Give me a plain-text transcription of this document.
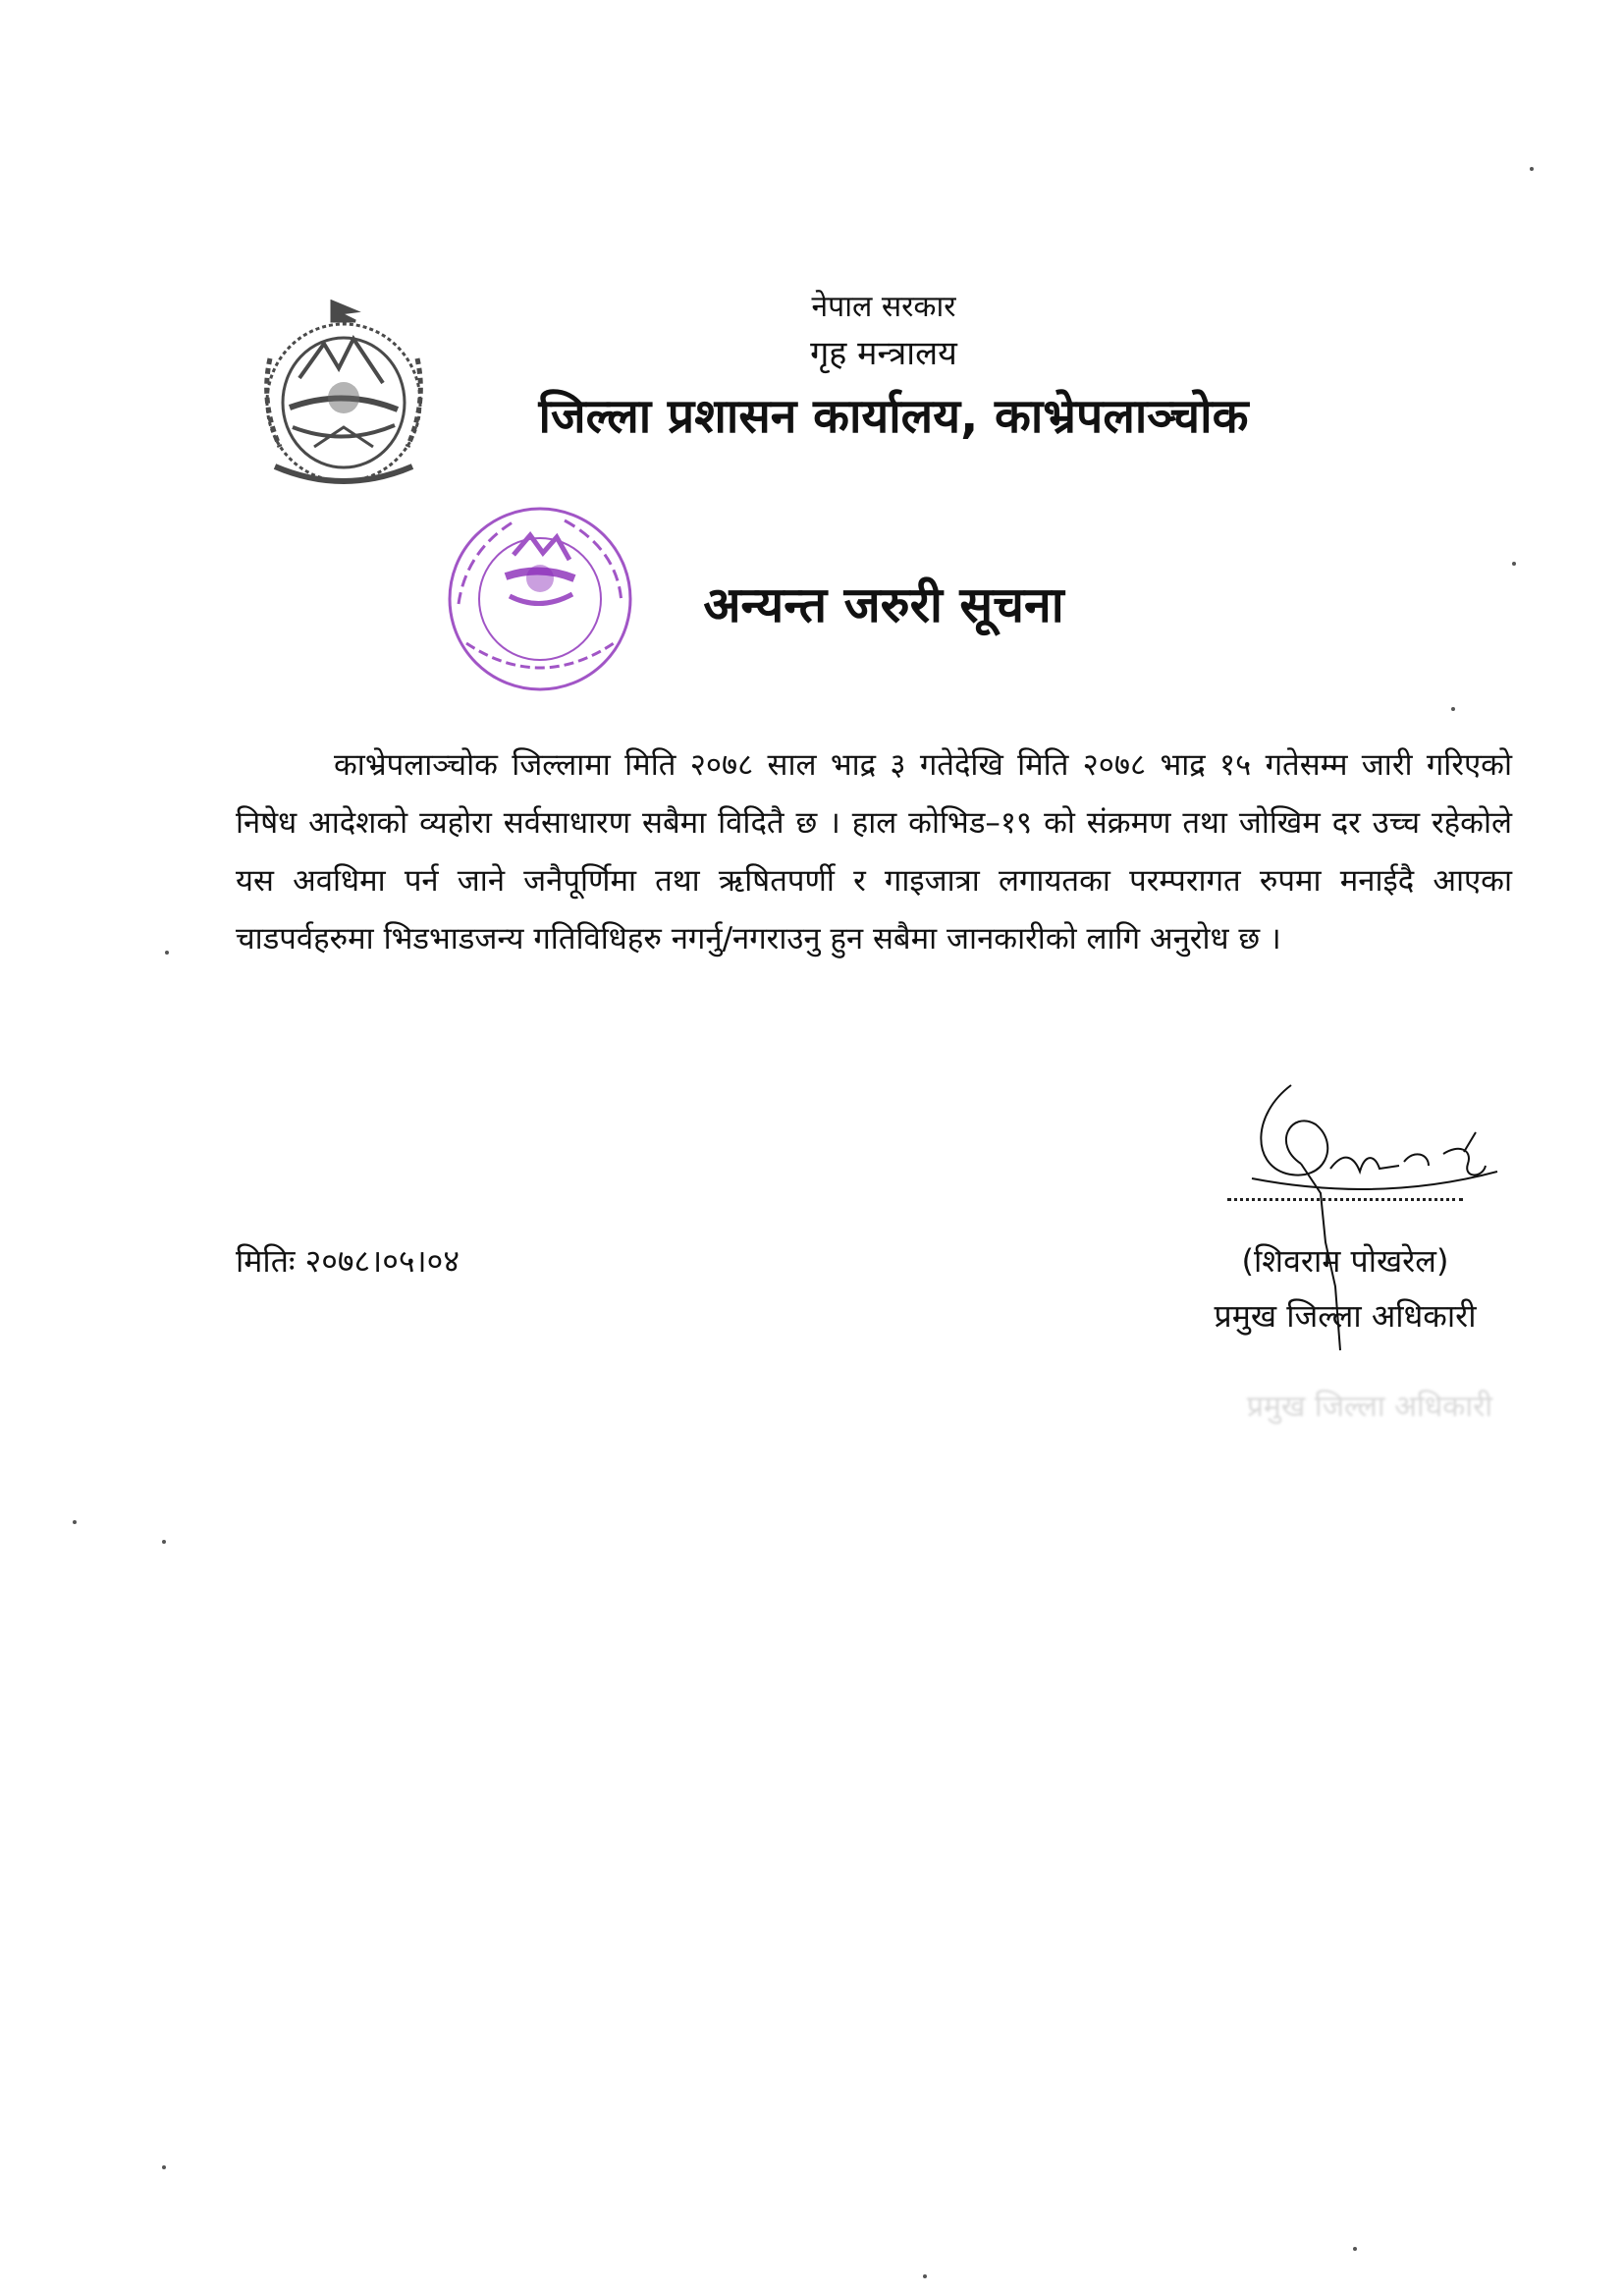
नेपाल सरकार
गृह मन्त्रालय
जिल्ला प्रशासन कार्यालय, काभ्रेपलाञ्चोक
अन्यन्त जरुरी सूचना
काभ्रेपलाञ्चोक जिल्लामा मिति २०७८ साल भाद्र ३ गतेदेखि मिति २०७८ भाद्र १५ गतेसम्म जारी गरिएको निषेध आदेशको व्यहोरा सर्वसाधारण सबैमा विदितै छ । हाल कोभिड–१९ को संक्रमण तथा जोखिम दर उच्च रहेकोले यस अवधिमा पर्न जाने जनैपूर्णिमा तथा ऋषितपर्णी र गाइजात्रा लगायतका परम्परागत रुपमा मनाईदै आएका चाडपर्वहरुमा भिडभाडजन्य गतिविधिहरु नगर्नु/नगराउनु हुन सबैमा जानकारीको लागि अनुरोध छ ।
मितिः २०७८।०५।०४	(शिवराम पोखरेल)
प्रमुख जिल्ला अधिकारी
प्रमुख जिल्ला अधिकारी
